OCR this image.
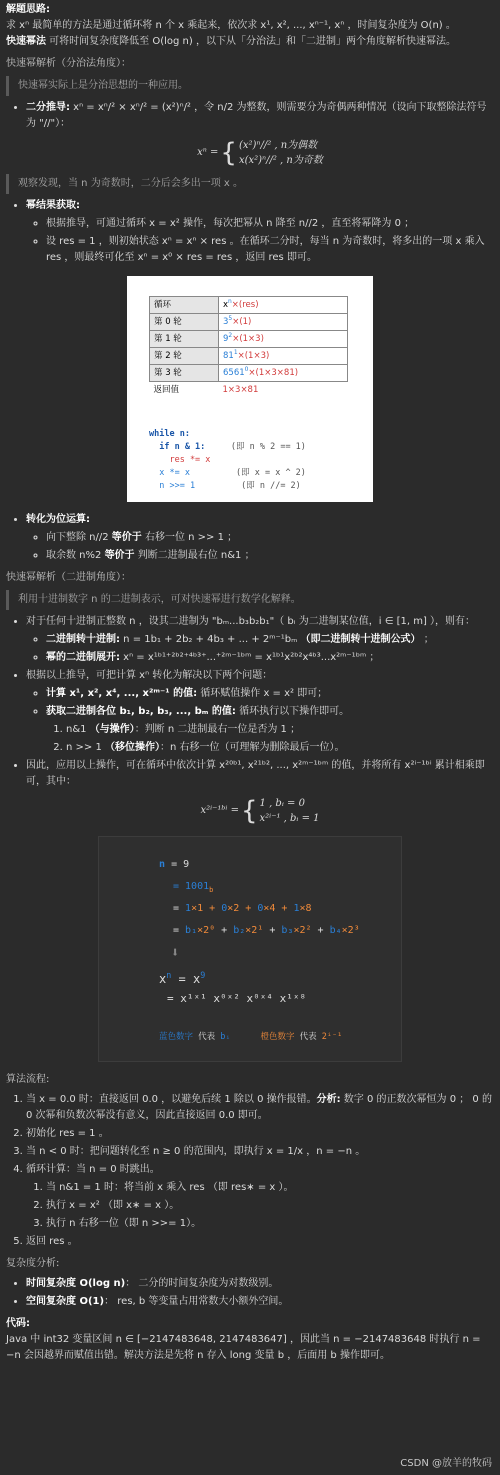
解题思路:
求 xⁿ 最简单的方法是通过循环将 n 个 x 乘起来，依次求 x¹, x², ..., xⁿ⁻¹, xⁿ ，时间复杂度为 O(n) 。

快速幂法 可将时间复杂度降低至 O(log n) ，以下从「分治法」和「二进制」两个角度解析快速幂法。

快速幂解析（分治法角度）：

快速幂实际上是分治思想的一种应用。
• 二分推导: xⁿ = xⁿ/² × xⁿ/² = (x²)ⁿ/² ，令 n/2 为整数，则需要分为奇偶两种情况（设向下取整除法符号为 "//"）：
xⁿ = { (x²)ⁿ//² , n为偶数
x(x²)ⁿ//² , n为奇数
观察发现，当 n 为奇数时，二分后会多出一项 x 。
• 幂结果获取:
◦ 根据推导，可通过循环 x = x² 操作，每次把幂从 n 降至 n//2 ，直至将幂降为 0 ；
◦ 设 res = 1 ，则初始状态 xⁿ = xⁿ × res 。在循环二分时，每当 n 为奇数时，将多出的一项 x 乘入 res ，则最终可化至 xⁿ = x⁰ × res = res ，返回 res 即可。
循环	$x^n\times(res)$
第 0 轮	$3^5\times(1)$
第 1 轮	$9^2\times(1\times 3)$
第 2 轮	$81^1\times(1\times 3)$
第 3 轮	$6561^0\times(1\times 3\times 81)$
返回值	1×3×81
while n:
if n & 1:     (即 n % 2 == 1)
res *= x
x *= x         (即 x = x ^ 2)
n >>= 1         (即 n //= 2)
• 转化为位运算:
◦ 向下整除 n//2 等价于 右移一位 n >> 1 ；
◦ 取余数 n%2 等价于 判断二进制最右位 n&1 ；

快速幂解析（二进制角度）：

利用十进制数字 n 的二进制表示，可对快速幂进行数学化解释。
• 对于任何十进制正整数 n ，设其二进制为 "bₘ...b₃b₂b₁"（ bᵢ 为二进制某位值，i ∈ [1, m] ），则有：
◦ 二进制转十进制: n = 1b₁ + 2b₂ + 4b₃ + ... + 2ᵐ⁻¹bₘ （即二进制转十进制公式） ；
◦ 幂的二进制展开: xⁿ = x¹ᵇ¹⁺²ᵇ²⁺⁴ᵇ³⁺...⁺²ᵐ⁻¹ᵇᵐ = x¹ᵇ¹x²ᵇ²x⁴ᵇ³...x²ᵐ⁻¹ᵇᵐ ；
• 根据以上推导，可把计算 xⁿ 转化为解决以下两个问题：
◦ 计算 x¹, x², x⁴, ..., x²ᵐ⁻¹ 的值: 循环赋值操作 x = x² 即可；
◦ 获取二进制各位 b₁, b₂, b₃, ..., bₘ 的值: 循环执行以下操作即可。
1. n&1 （与操作）：判断 n 二进制最右一位是否为 1 ；
2. n >> 1 （移位操作）：n 右移一位（可理解为删除最后一位）。
• 因此，应用以上操作，可在循环中依次计算 x²⁰ᵇ¹, x²¹ᵇ², ..., x²ᵐ⁻¹ᵇᵐ 的值，并将所有 x²ⁱ⁻¹ᵇⁱ 累计相乘即可，其中：
x²ⁱ⁻¹ᵇⁱ = { 1 , bᵢ = 0
x²ⁱ⁻¹ , bᵢ = 1
n = 9
= $1001_b$
= 1×1 + 0×2 + 0×4 + 1×8
= b₁×2⁰ + b₂×2¹ + b₃×2² + b₄×2³
⬇
$x^n = x^9$
= x¹ˣ¹ x⁰ˣ² x⁰ˣ⁴ x¹ˣ⁸
蓝色数字 代表 bᵢ	橙色数字 代表 2ⁱ⁻¹

算法流程:

1. 当 x = 0.0 时：直接返回 0.0 ，以避免后续 1 除以 0 操作报错。分析: 数字 0 的正数次幂恒为 0 ； 0 的 0 次幂和负数次幂没有意义，因此直接返回 0.0 即可。
2. 初始化 res = 1 。
3. 当 n < 0 时：把问题转化至 n ≥ 0 的范围内，即执行 x = 1/x ，n = −n 。
4. 循环计算：当 n = 0 时跳出。
1. 当 n&1 = 1 时：将当前 x 乘入 res （即 res∗ = x ）。
2. 执行 x = x² （即 x∗ = x ）。
3. 执行 n 右移一位（即 n >>= 1）。
5. 返回 res 。

复杂度分析:

• 时间复杂度 O(log n)： 二分的时间复杂度为对数级别。
• 空间复杂度 O(1)： res, b 等变量占用常数大小额外空间。

代码:

Java 中 int32 变量区间 n ∈ [−2147483648, 2147483647] ，因此当 n = −2147483648 时执行 n = −n 会因越界而赋值出错。解决方法是先将 n 存入 long 变量 b ，后面用 b 操作即可。

CSDN @放羊的牧码
